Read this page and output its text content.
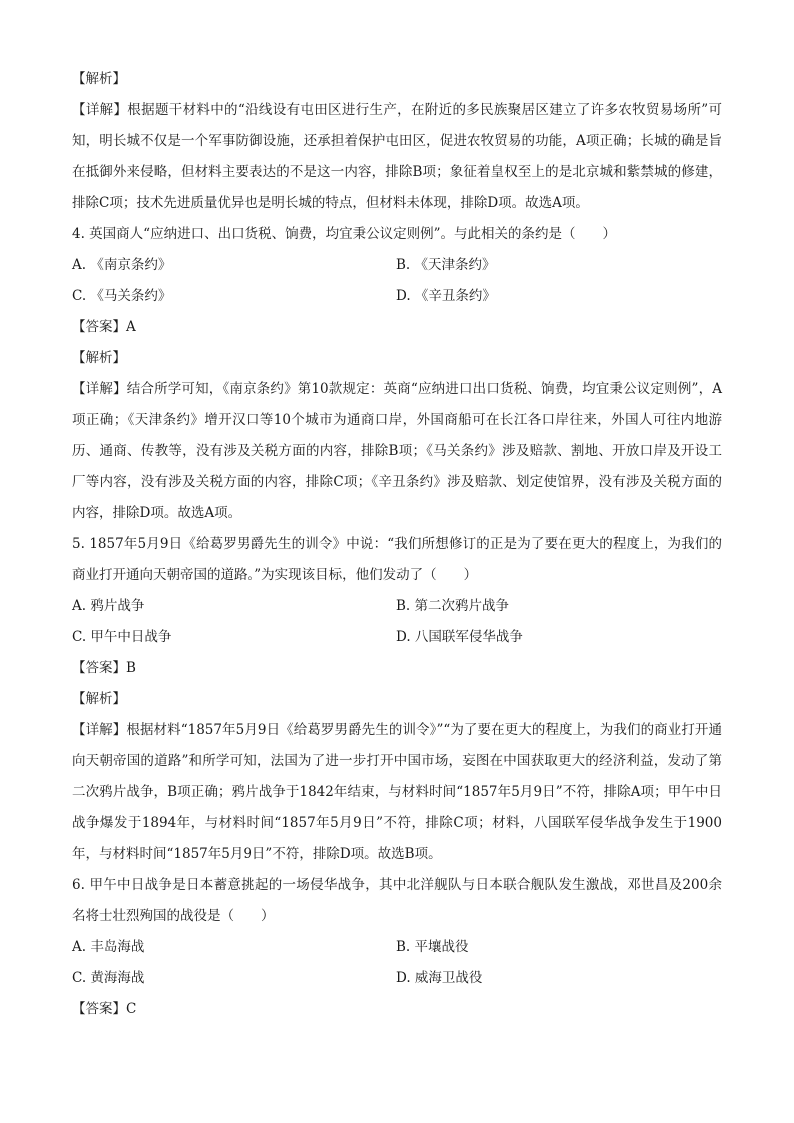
【解析】
【详解】根据题干材料中的“沿线设有屯田区进行生产，在附近的多民族聚居区建立了许多农牧贸易场所”可知，明长城不仅是一个军事防御设施，还承担着保护屯田区，促进农牧贸易的功能，A项正确；长城的确是旨在抵御外来侵略，但材料主要表达的不是这一内容，排除B项；象征着皇权至上的是北京城和紫禁城的修建，排除C项；技术先进质量优异也是明长城的特点，但材料未体现，排除D项。故选A项。
4. 英国商人“应纳进口、出口货税、饷费，均宜秉公议定则例”。与此相关的条约是（　　）
A. 《南京条约》	B. 《天津条约》
C. 《马关条约》	D. 《辛丑条约》
【答案】A
【解析】
【详解】结合所学可知，《南京条约》第10款规定：英商“应纳进口出口货税、饷费，均宜秉公议定则例”，A项正确；《天津条约》增开汉口等10个城市为通商口岸，外国商船可在长江各口岸往来，外国人可往内地游历、通商、传教等，没有涉及关税方面的内容，排除B项；《马关条约》涉及赔款、割地、开放口岸及开设工厂等内容，没有涉及关税方面的内容，排除C项；《辛丑条约》涉及赔款、划定使馆界，没有涉及关税方面的内容，排除D项。故选A项。
5. 1857年5月9日《给葛罗男爵先生的训令》中说：“我们所想修订的正是为了要在更大的程度上，为我们的商业打开通向天朝帝国的道路。”为实现该目标，他们发动了（　　）
A. 鸦片战争	B. 第二次鸦片战争
C. 甲午中日战争	D. 八国联军侵华战争
【答案】B
【解析】
【详解】根据材料“1857年5月9日《给葛罗男爵先生的训令》”“为了要在更大的程度上，为我们的商业打开通向天朝帝国的道路”和所学可知，法国为了进一步打开中国市场，妄图在中国获取更大的经济利益，发动了第二次鸦片战争，B项正确；鸦片战争于1842年结束，与材料时间“1857年5月9日”不符，排除A项；甲午中日战争爆发于1894年，与材料时间“1857年5月9日”不符，排除C项；材料，八国联军侵华战争发生于1900年，与材料时间“1857年5月9日”不符，排除D项。故选B项。
6. 甲午中日战争是日本蓄意挑起的一场侵华战争，其中北洋舰队与日本联合舰队发生激战，邓世昌及200余名将士壮烈殉国的战役是（　　）
A. 丰岛海战	B. 平壤战役
C. 黄海海战	D. 威海卫战役
【答案】C
